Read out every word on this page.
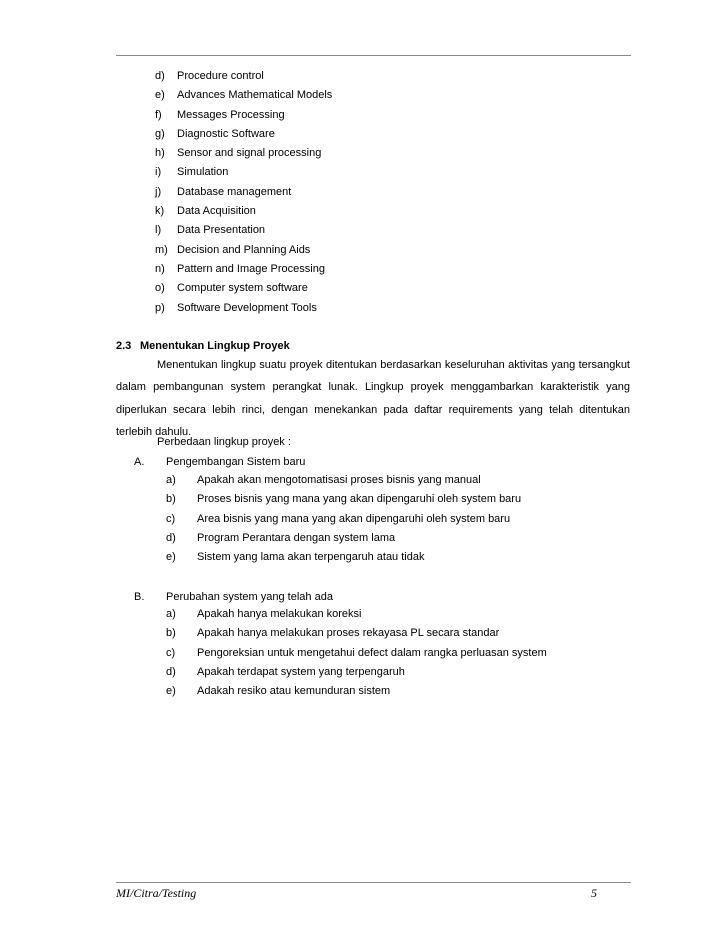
d) Procedure control
e) Advances Mathematical Models
f) Messages Processing
g) Diagnostic Software
h) Sensor and signal processing
i) Simulation
j) Database management
k) Data Acquisition
l) Data Presentation
m) Decision and Planning Aids
n) Pattern and Image Processing
o) Computer system software
p) Software Development Tools
2.3 Menentukan Lingkup Proyek
Menentukan lingkup suatu proyek ditentukan berdasarkan keseluruhan aktivitas yang tersangkut dalam pembangunan system perangkat lunak. Lingkup proyek menggambarkan karakteristik yang diperlukan secara lebih rinci, dengan menekankan pada daftar requirements yang telah ditentukan terlebih dahulu.
Perbedaan lingkup proyek :
A. Pengembangan Sistem baru
a) Apakah akan mengotomatisasi proses bisnis yang manual
b) Proses bisnis yang mana yang akan dipengaruhi oleh system baru
c) Area bisnis yang mana yang akan dipengaruhi oleh system baru
d) Program Perantara dengan system lama
e) Sistem yang lama akan terpengaruh atau tidak
B. Perubahan system yang telah ada
a) Apakah hanya melakukan koreksi
b) Apakah hanya melakukan proses rekayasa PL secara standar
c) Pengoreksian untuk mengetahui defect dalam rangka perluasan system
d) Apakah terdapat system yang terpengaruh
e) Adakah resiko atau kemunduran sistem
MI/Citra/Testing	5
